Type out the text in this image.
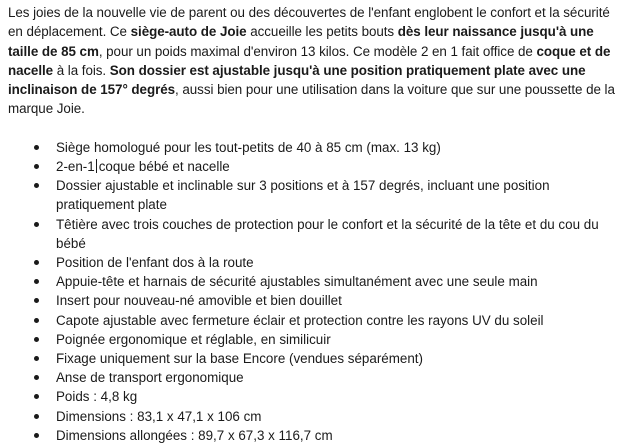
Les joies de la nouvelle vie de parent ou des découvertes de l'enfant englobent le confort et la sécurité en déplacement. Ce siège-auto de Joie accueille les petits bouts dès leur naissance jusqu'à une taille de 85 cm, pour un poids maximal d'environ 13 kilos. Ce modèle 2 en 1 fait office de coque et de nacelle à la fois. Son dossier est ajustable jusqu'à une position pratiquement plate avec une inclinaison de 157° degrés, aussi bien pour une utilisation dans la voiture que sur une poussette de la marque Joie.

Siège homologué pour les tout-petits de 40 à 85 cm (max. 13 kg)
2-en-1 coque bébé et nacelle
Dossier ajustable et inclinable sur 3 positions et à 157 degrés, incluant une position pratiquement plate
Têtière avec trois couches de protection pour le confort et la sécurité de la tête et du cou du bébé
Position de l'enfant dos à la route
Appuie-tête et harnais de sécurité ajustables simultanément avec une seule main
Insert pour nouveau-né amovible et bien douillet
Capote ajustable avec fermeture éclair et protection contre les rayons UV du soleil
Poignée ergonomique et réglable, en similicuir
Fixage uniquement sur la base Encore (vendues séparément)
Anse de transport ergonomique
Poids : 4,8 kg
Dimensions : 83,1 x 47,1 x 106 cm
Dimensions allongées : 89,7 x 67,3 x 116,7 cm
